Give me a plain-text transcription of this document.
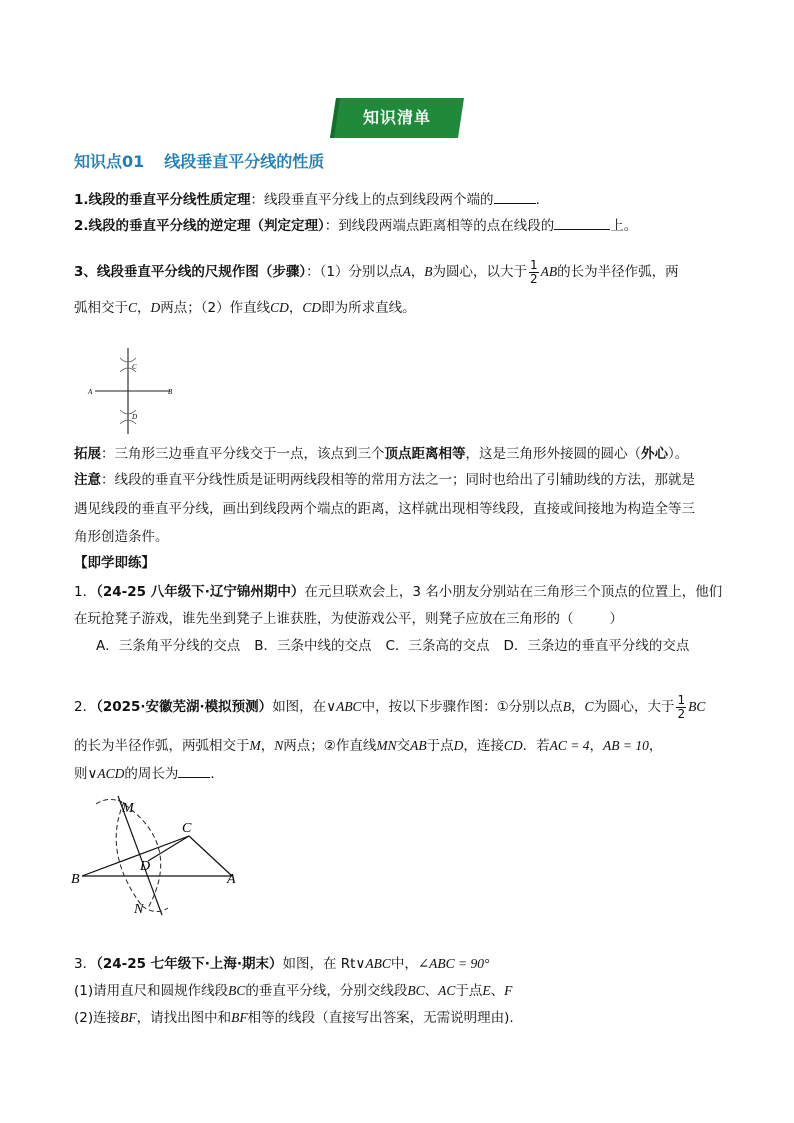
知识清单
知识点01 线段垂直平分线的性质
1.线段的垂直平分线性质定理：线段垂直平分线上的点到线段两个端的	.
2.线段的垂直平分线的逆定理（判定定理）：到线段两端点距离相等的点在线段的	上。
3、线段垂直平分线的尺规作图（步骤）：（1）分别以点A，B为圆心，以大于 $\frac{1}{2}$ AB的长为半径作弧，两
弧相交于C，D两点；（2）作直线CD，CD即为所求直线。
A	B
C
D
拓展：三角形三边垂直平分线交于一点，该点到三个顶点距离相等，这是三角形外接圆的圆心（外心）。
注意：线段的垂直平分线性质是证明两线段相等的常用方法之一；同时也给出了引辅助线的方法，那就是
遇见线段的垂直平分线，画出到线段两个端点的距离，这样就出现相等线段，直接或间接地为构造全等三
角形创造条件。
【即学即练】
1．（24-25 八年级下·辽宁锦州期中）在元旦联欢会上，3 名小朋友分别站在三角形三个顶点的位置上，他们
在玩抢凳子游戏，谁先坐到凳子上谁获胜，为使游戏公平，则凳子应放在三角形的（	）
A．三条角平分线的交点 B．三条中线的交点 C．三条高的交点 D．三条边的垂直平分线的交点
2．（2025·安徽芜湖·模拟预测）如图，在∨ABC中，按以下步骤作图：①分别以点B，C为圆心，大于 $\frac{1}{2}$ BC
的长为半径作弧，两弧相交于M，N两点；②作直线MN交AB于点D，连接CD．若AC = 4，AB = 10，
则∨ACD的周长为 ．
M
C
D
B	A
N
3．（24-25 七年级下·上海·期末）如图，在 Rt∨ABC中，∠ABC = 90°
(1)请用直尺和圆规作线段BC的垂直平分线，分别交线段BC、AC于点E、F
(2)连接BF，请找出图中和BF相等的线段（直接写出答案，无需说明理由).
